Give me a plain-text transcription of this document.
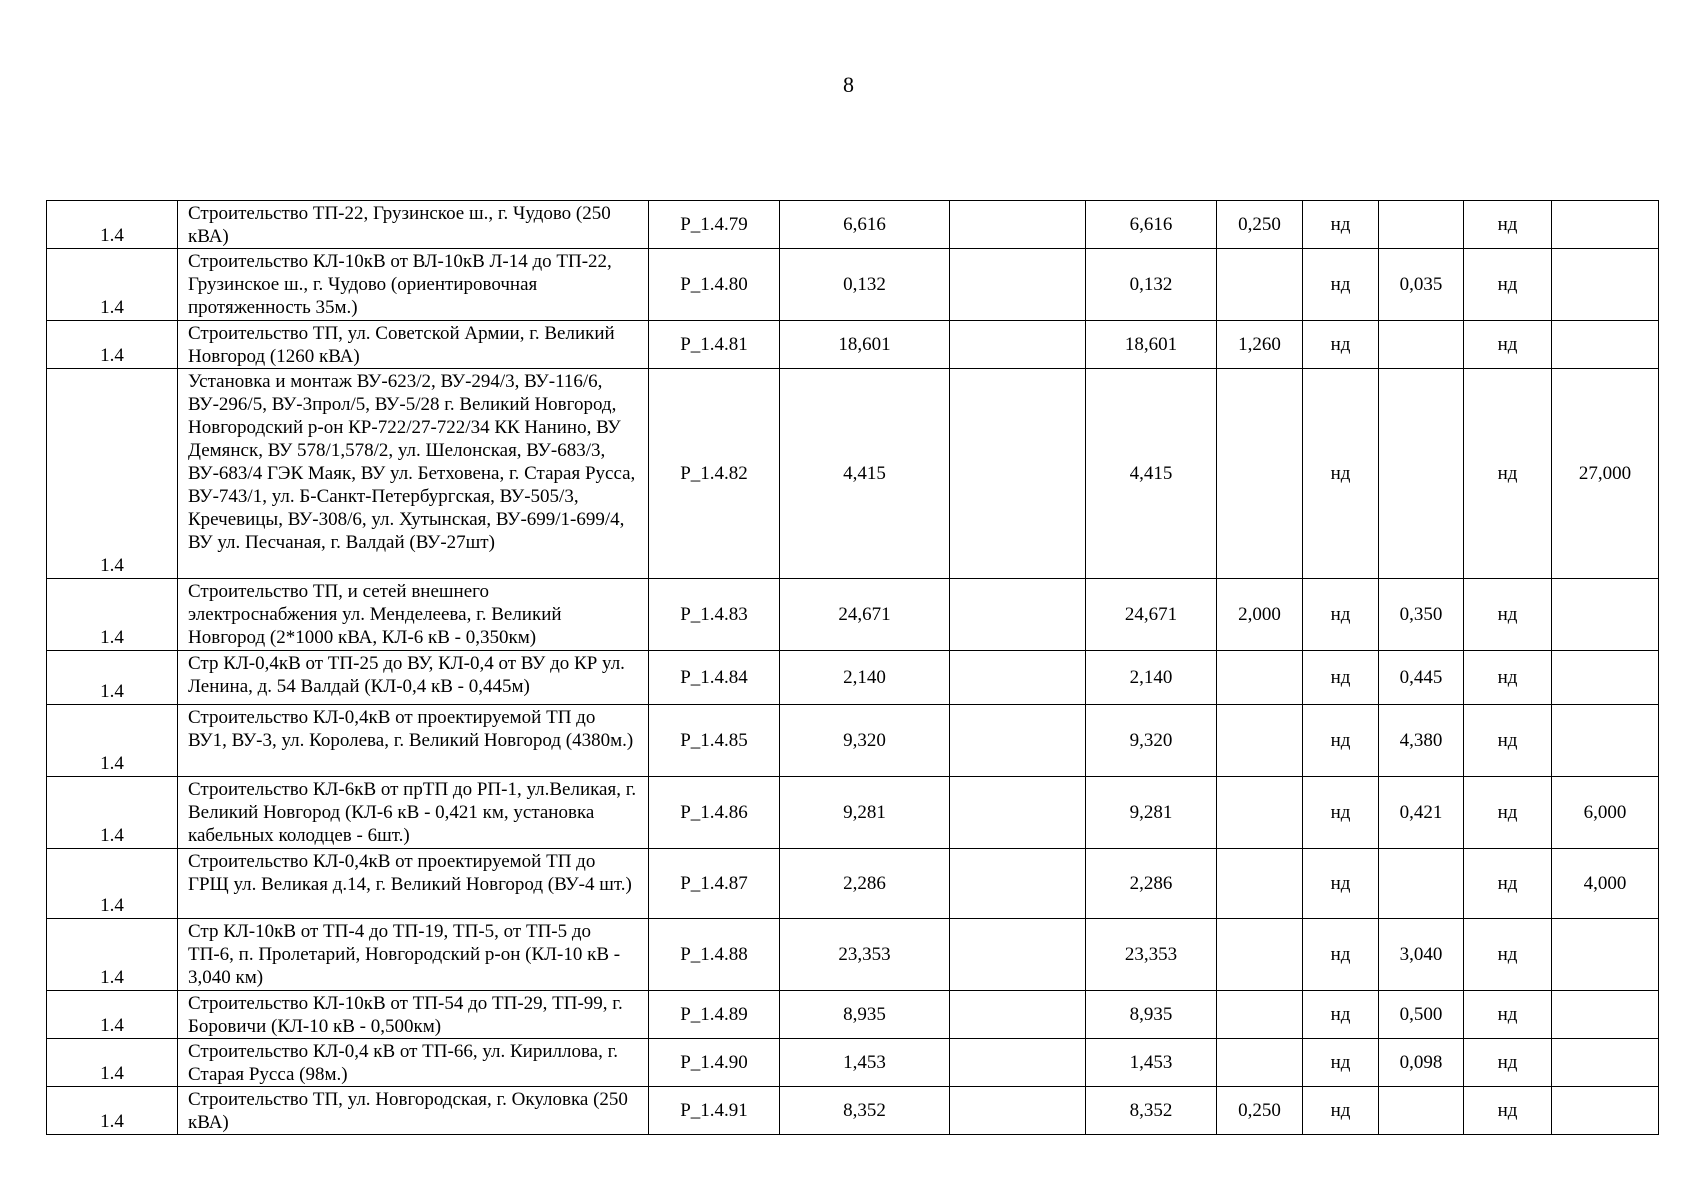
8
1.4	Строительство ТП-22, Грузинское ш., г. Чудово (250 кВА)	P_1.4.79	6,616		6,616	0,250	нд		нд	
1.4	Строительство КЛ-10кВ от ВЛ-10кВ Л-14 до ТП-22, Грузинское ш., г. Чудово (ориентировочная протяженность 35м.)	P_1.4.80	0,132		0,132		нд	0,035	нд	
1.4	Строительство ТП, ул. Советской Армии, г. Великий Новгород (1260 кВА)	P_1.4.81	18,601		18,601	1,260	нд		нд	
1.4	Установка и монтаж ВУ-623/2, ВУ-294/3, ВУ-116/6, ВУ-296/5, ВУ-3прол/5, ВУ-5/28 г. Великий Новгород, Новгородский р-он КР-722/27-722/34 КК Нанино, ВУ Демянск, ВУ 578/1,578/2, ул. Шелонская, ВУ-683/3, ВУ-683/4 ГЭК Маяк, ВУ ул. Бетховена, г. Старая Русса, ВУ-743/1, ул. Б-Санкт-Петербургская, ВУ-505/3, Кречевицы, ВУ-308/6, ул. Хутынская, ВУ-699/1-699/4, ВУ ул. Песчаная, г. Валдай (ВУ-27шт)	P_1.4.82	4,415		4,415		нд		нд	27,000
1.4	Строительство ТП, и сетей внешнего электроснабжения ул. Менделеева, г. Великий Новгород (2*1000 кВА, КЛ-6 кВ - 0,350км)	P_1.4.83	24,671		24,671	2,000	нд	0,350	нд	
1.4	Стр КЛ-0,4кВ от ТП-25 до ВУ, КЛ-0,4 от ВУ до КР ул. Ленина, д. 54 Валдай (КЛ-0,4 кВ - 0,445м)	P_1.4.84	2,140		2,140		нд	0,445	нд	
1.4	Строительство КЛ-0,4кВ от проектируемой ТП до ВУ1, ВУ-3, ул. Королева, г. Великий Новгород (4380м.)	P_1.4.85	9,320		9,320		нд	4,380	нд	
1.4	Строительство КЛ-6кВ от прТП до РП-1, ул.Великая, г. Великий Новгород (КЛ-6 кВ - 0,421 км, установка кабельных колодцев - 6шт.)	P_1.4.86	9,281		9,281		нд	0,421	нд	6,000
1.4	Строительство КЛ-0,4кВ от проектируемой ТП до ГРЩ ул. Великая д.14, г. Великий Новгород (ВУ-4 шт.)	P_1.4.87	2,286		2,286		нд		нд	4,000
1.4	Стр КЛ-10кВ от ТП-4 до ТП-19, ТП-5, от ТП-5 до ТП-6, п. Пролетарий, Новгородский р-он (КЛ-10 кВ - 3,040 км)	P_1.4.88	23,353		23,353		нд	3,040	нд	
1.4	Строительство КЛ-10кВ от ТП-54 до ТП-29, ТП-99, г. Боровичи (КЛ-10 кВ - 0,500км)	P_1.4.89	8,935		8,935		нд	0,500	нд	
1.4	Строительство КЛ-0,4 кВ от ТП-66, ул. Кириллова, г. Старая Русса (98м.)	P_1.4.90	1,453		1,453		нд	0,098	нд	
1.4	Строительство ТП, ул. Новгородская, г. Окуловка (250 кВА)	P_1.4.91	8,352		8,352	0,250	нд		нд	
